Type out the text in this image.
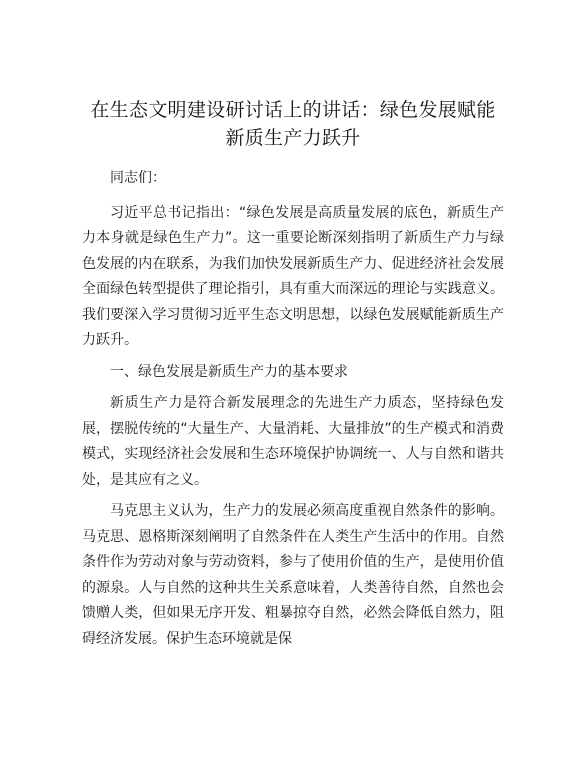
在生态文明建设研讨话上的讲话：绿色发展赋能新质生产力跃升

同志们：

习近平总书记指出：“绿色发展是高质量发展的底色，新质生产力本身就是绿色生产力”。这一重要论断深刻指明了新质生产力与绿色发展的内在联系，为我们加快发展新质生产力、促进经济社会发展全面绿色转型提供了理论指引，具有重大而深远的理论与实践意义。我们要深入学习贯彻习近平生态文明思想，以绿色发展赋能新质生产力跃升。

一、绿色发展是新质生产力的基本要求

新质生产力是符合新发展理念的先进生产力质态，坚持绿色发展，摆脱传统的“大量生产、大量消耗、大量排放”的生产模式和消费模式，实现经济社会发展和生态环境保护协调统一、人与自然和谐共处，是其应有之义。

马克思主义认为，生产力的发展必须高度重视自然条件的影响。马克思、恩格斯深刻阐明了自然条件在人类生产生活中的作用。自然条件作为劳动对象与劳动资料，参与了使用价值的生产，是使用价值的源泉。人与自然的这种共生关系意味着，人类善待自然，自然也会馈赠人类，但如果无序开发、粗暴掠夺自然，必然会降低自然力，阻碍经济发展。保护生态环境就是保
